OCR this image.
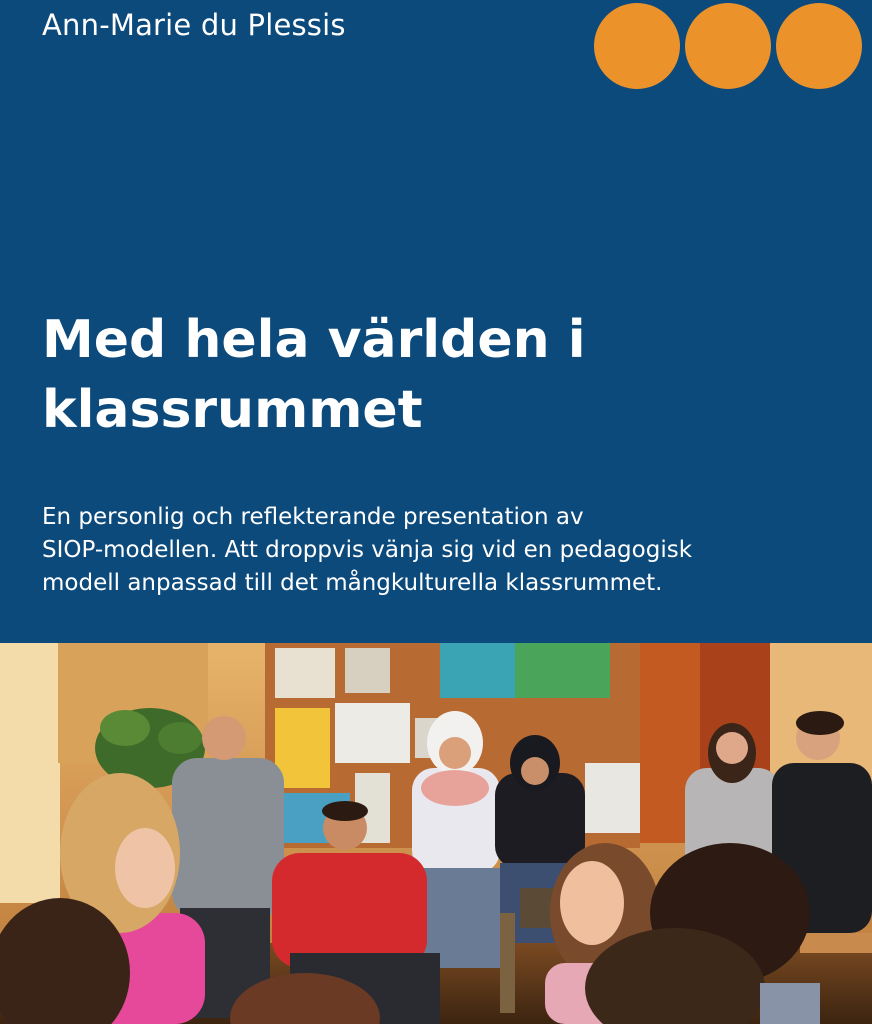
Ann-Marie du Plessis
Med hela världen i
klassrummet

En personlig och reflekterande presentation av
SIOP-modellen. Att droppvis vänja sig vid en pedagogisk
modell anpassad till det mångkulturella klassrummet.
